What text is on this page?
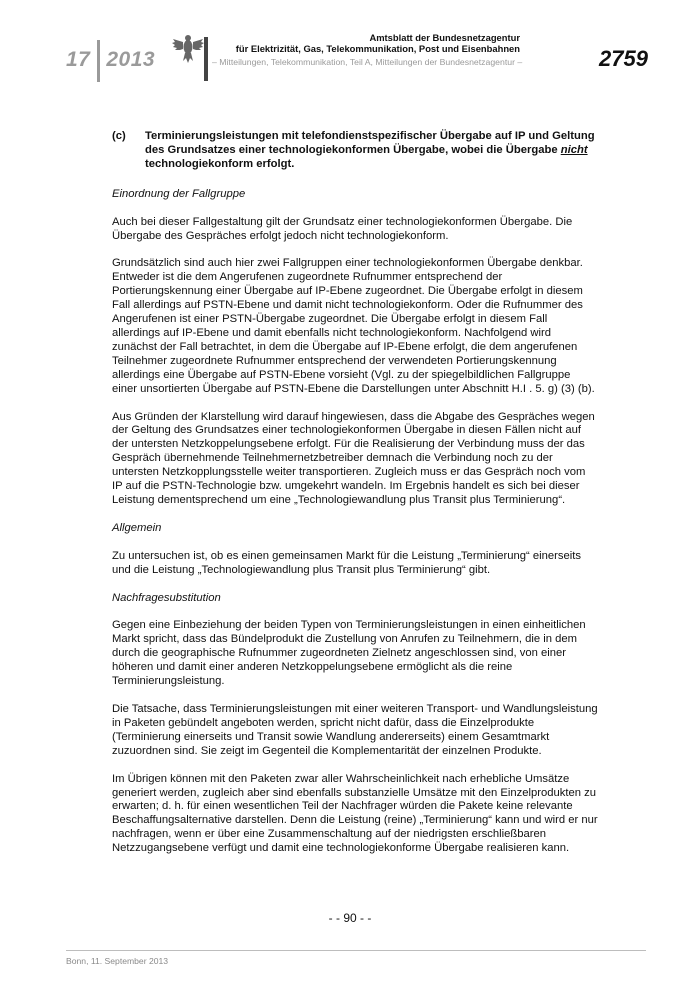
17 2013
Amtsblatt der Bundesnetzagentur
für Elektrizität, Gas, Telekommunikation, Post und Eisenbahnen
– Mitteilungen, Telekommunikation, Teil A, Mitteilungen der Bundesnetzagentur –	2759
(c)	Terminierungsleistungen mit telefondienstspezifischer Übergabe auf IP und Geltung des Grundsatzes einer technologiekonformen Übergabe, wobei die Übergabe nicht technologiekonform erfolgt.
Einordnung der Fallgruppe
Auch bei dieser Fallgestaltung gilt der Grundsatz einer technologiekonformen Übergabe. Die Übergabe des Gespräches erfolgt jedoch nicht technologiekonform.
Grundsätzlich sind auch hier zwei Fallgruppen einer technologiekonformen Übergabe denkbar. Entweder ist die dem Angerufenen zugeordnete Rufnummer entsprechend der Portierungskennung einer Übergabe auf IP-Ebene zugeordnet. Die Übergabe erfolgt in diesem Fall allerdings auf PSTN-Ebene und damit nicht technologiekonform. Oder die Rufnummer des Angerufenen ist einer PSTN-Übergabe zugeordnet. Die Übergabe erfolgt in diesem Fall allerdings auf IP-Ebene und damit ebenfalls nicht technologiekonform. Nachfolgend wird zunächst der Fall betrachtet, in dem die Übergabe auf IP-Ebene erfolgt, die dem angerufenen Teilnehmer zugeordnete Rufnummer entsprechend der verwendeten Portierungskennung allerdings eine Übergabe auf PSTN-Ebene vorsieht (Vgl. zu der spiegelbildlichen Fallgruppe einer unsortierten Übergabe auf PSTN-Ebene die Darstellungen unter Abschnitt H.I . 5. g) (3) (b).
Aus Gründen der Klarstellung wird darauf hingewiesen, dass die Abgabe des Gespräches wegen der Geltung des Grundsatzes einer technologiekonformen Übergabe in diesen Fällen nicht auf der untersten Netzkoppelungsebene erfolgt. Für die Realisierung der Verbindung muss der das Gespräch übernehmende Teilnehmernetzbetreiber demnach die Verbindung noch zu der untersten Netzkopplungsstelle weiter transportieren. Zugleich muss er das Gespräch noch vom IP auf die PSTN-Technologie bzw. umgekehrt wandeln. Im Ergebnis handelt es sich bei dieser Leistung dementsprechend um eine „Technologiewandlung plus Transit plus Terminierung“.
Allgemein
Zu untersuchen ist, ob es einen gemeinsamen Markt für die Leistung „Terminierung“ einerseits und die Leistung „Technologiewandlung plus Transit plus Terminierung“ gibt.
Nachfragesubstitution
Gegen eine Einbeziehung der beiden Typen von Terminierungsleistungen in einen einheitlichen Markt spricht, dass das Bündelprodukt die Zustellung von Anrufen zu Teilnehmern, die in dem durch die geographische Rufnummer zugeordneten Zielnetz angeschlossen sind, von einer höheren und damit einer anderen Netzkoppelungsebene ermöglicht als die reine Terminierungsleistung.
Die Tatsache, dass Terminierungsleistungen mit einer weiteren Transport- und Wandlungsleistung in Paketen gebündelt angeboten werden, spricht nicht dafür, dass die Einzelprodukte (Terminierung einerseits und Transit sowie Wandlung andererseits) einem Gesamtmarkt zuzuordnen sind. Sie zeigt im Gegenteil die Komplementarität der einzelnen Produkte.
Im Übrigen können mit den Paketen zwar aller Wahrscheinlichkeit nach erhebliche Umsätze generiert werden, zugleich aber sind ebenfalls substanzielle Umsätze mit den Einzelprodukten zu erwarten; d. h. für einen wesentlichen Teil der Nachfrager würden die Pakete keine relevante Beschaffungsalternative darstellen. Denn die Leistung (reine) „Terminierung“ kann und wird er nur nachfragen, wenn er über eine Zusammenschaltung auf der niedrigsten erschließbaren Netzzugangsebene verfügt und damit eine technologiekonforme Übergabe realisieren kann.
- - 90 - -
Bonn, 11. September 2013
